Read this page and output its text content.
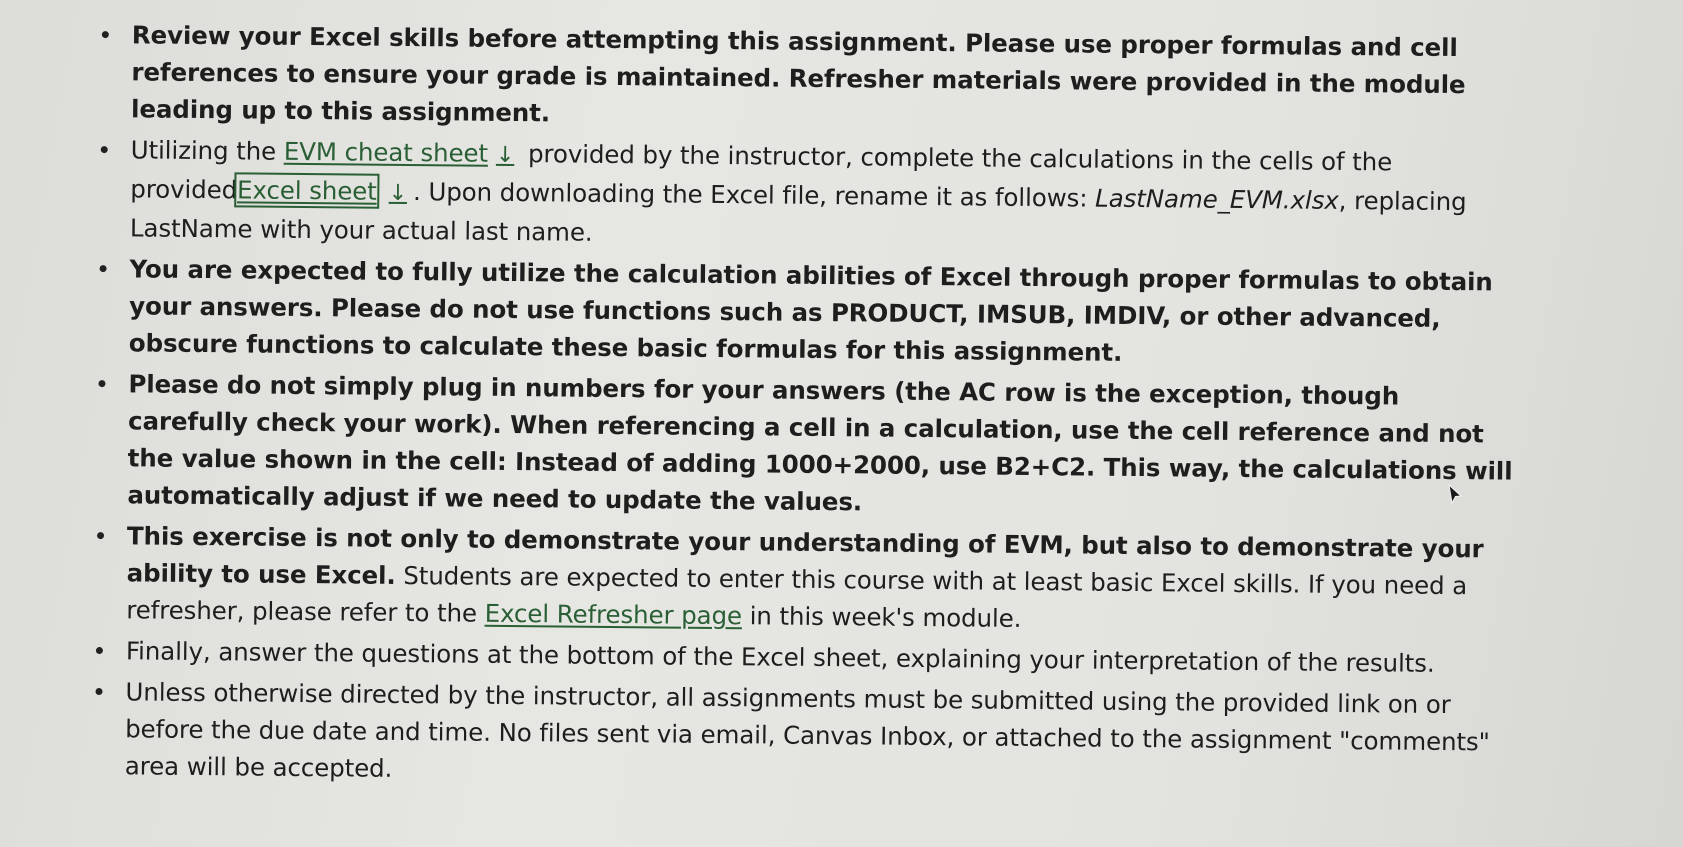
Review your Excel skills before attempting this assignment. Please use proper formulas and cell references to ensure your grade is maintained. Refresher materials were provided in the module leading up to this assignment.
Utilizing the EVM cheat sheet ↓ provided by the instructor, complete the calculations in the cells of the providedExcel sheet ↓ . Upon downloading the Excel file, rename it as follows: LastName_EVM.xlsx, replacing LastName with your actual last name.
You are expected to fully utilize the calculation abilities of Excel through proper formulas to obtain your answers. Please do not use functions such as PRODUCT, IMSUB, IMDIV, or other advanced, obscure functions to calculate these basic formulas for this assignment.
Please do not simply plug in numbers for your answers (the AC row is the exception, though carefully check your work). When referencing a cell in a calculation, use the cell reference and not the value shown in the cell: Instead of adding 1000+2000, use B2+C2. This way, the calculations will automatically adjust if we need to update the values.
This exercise is not only to demonstrate your understanding of EVM, but also to demonstrate your ability to use Excel. Students are expected to enter this course with at least basic Excel skills. If you need a refresher, please refer to the Excel Refresher page in this week's module.
Finally, answer the questions at the bottom of the Excel sheet, explaining your interpretation of the results.
Unless otherwise directed by the instructor, all assignments must be submitted using the provided link on or before the due date and time. No files sent via email, Canvas Inbox, or attached to the assignment "comments" area will be accepted.
